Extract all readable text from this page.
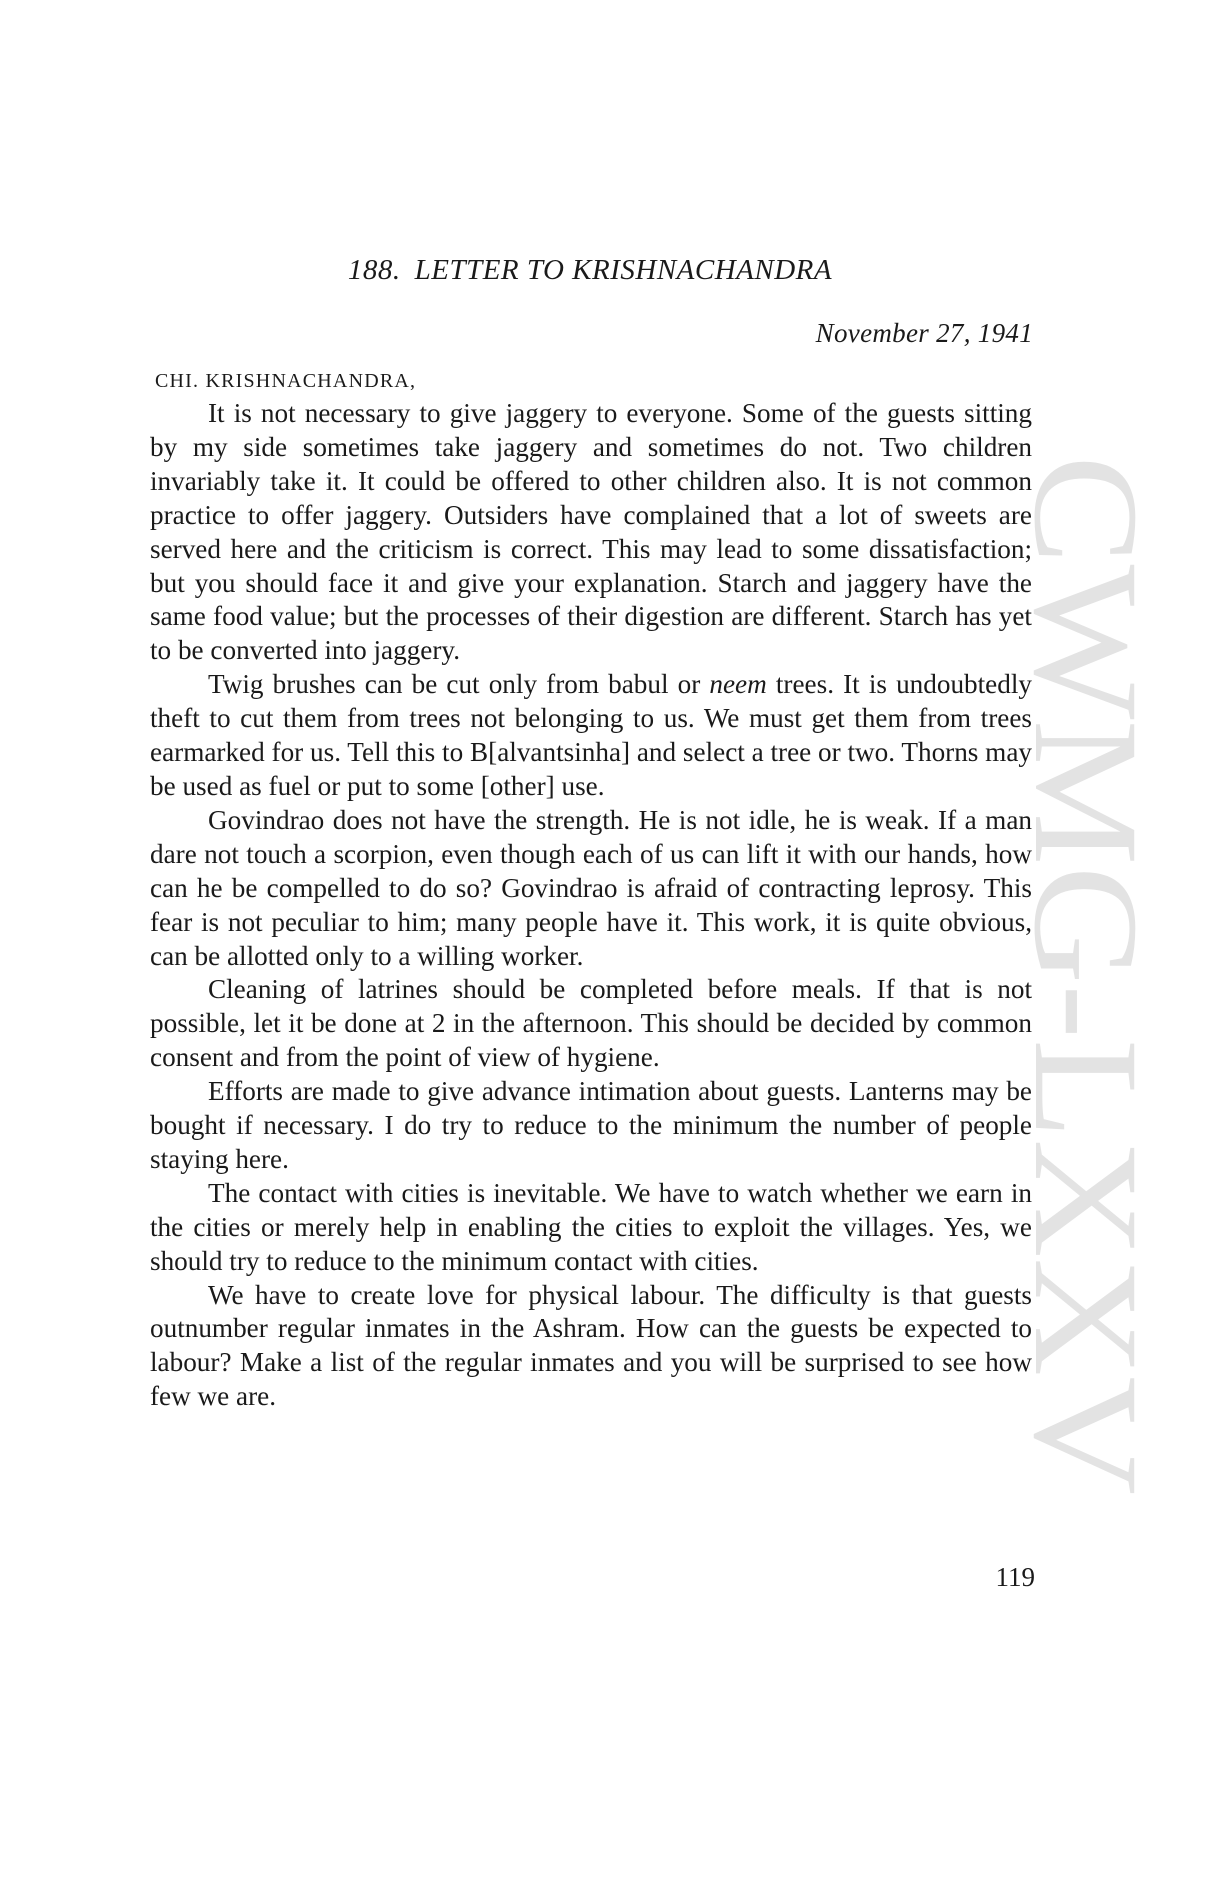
188. LETTER TO KRISHNACHANDRA
November 27, 1941
CHI. KRISHNACHANDRA,

It is not necessary to give jaggery to everyone. Some of the guests sitting by my side sometimes take jaggery and sometimes do not. Two children invariably take it. It could be offered to other children also. It is not common practice to offer jaggery. Outsiders have complained that a lot of sweets are served here and the criticism is correct. This may lead to some dissatisfaction; but you should face it and give your explanation. Starch and jaggery have the same food value; but the processes of their digestion are different. Starch has yet to be converted into jaggery.

Twig brushes can be cut only from babul or neem trees. It is undoubtedly theft to cut them from trees not belonging to us. We must get them from trees earmarked for us. Tell this to B[alvantsinha] and select a tree or two. Thorns may be used as fuel or put to some [other] use.

Govindrao does not have the strength. He is not idle, he is weak. If a man dare not touch a scorpion, even though each of us can lift it with our hands, how can he be compelled to do so? Govindrao is afraid of contracting leprosy. This fear is not peculiar to him; many people have it. This work, it is quite obvious, can be allotted only to a willing worker.

Cleaning of latrines should be completed before meals. If that is not possible, let it be done at 2 in the afternoon. This should be decided by common consent and from the point of view of hygiene.

Efforts are made to give advance intimation about guests. Lanterns may be bought if necessary. I do try to reduce to the minimum the number of people staying here.

The contact with cities is inevitable. We have to watch whether we earn in the cities or merely help in enabling the cities to exploit the villages. Yes, we should try to reduce to the minimum contact with cities.

We have to create love for physical labour. The difficulty is that guests outnumber regular inmates in the Ashram. How can the guests be expected to labour? Make a list of the regular inmates and you will be surprised to see how few we are.

119
CWMG-LXXV
